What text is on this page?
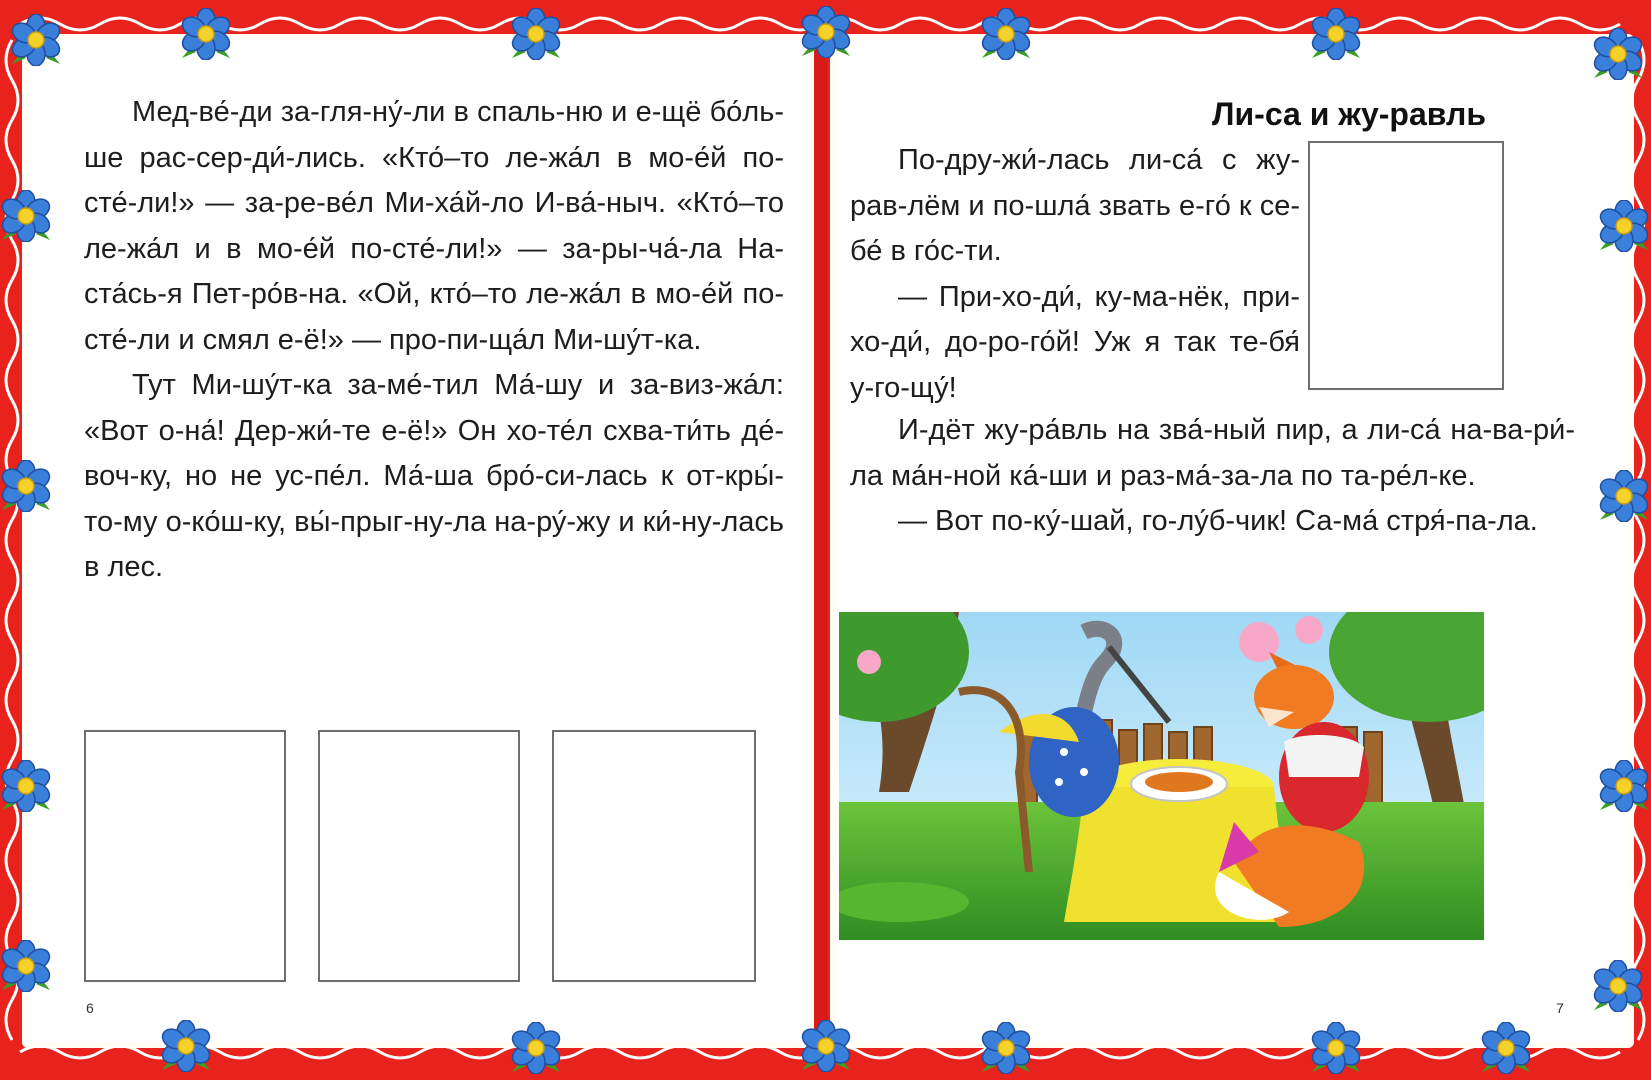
Мед-ве́-ди за-гля-ну́-ли в спаль-ню и е-щё бо́ль-ше рас-сер-ди́-лись. «Кто́–то ле-жа́л в мо-е́й по-сте́-ли!» — за-ре-ве́л Ми-ха́й-ло И-ва́-ныч. «Кто́–то ле-жа́л и в мо-е́й по-сте́-ли!» — за-ры-ча́-ла На-ста́сь-я Пет-ро́в-на. «Ой, кто́–то ле-жа́л в мо-е́й по-сте́-ли и смял е-ё!» — про-пи-ща́л Ми-шу́т-ка.

Тут Ми-шу́т-ка за-ме́-тил Ма́-шу и за-виз-жа́л: «Вот о-на́! Дер-жи́-те е-ё!» Он хо-те́л схва-ти́ть де́-воч-ку, но не ус-пе́л. Ма́-ша бро́-си-лась к от-кры́-то-му о-ко́ш-ку, вы́-прыг-ну-ла на-ру́-жу и ки́-ну-лась в лес.

6
Ли-са и жу-равль

По-дру-жи́-лась ли-са́ с жу-рав-лём и по-шла́ звать е-го́ к се-бе́ в го́с-ти.

— При-хо-ди́, ку-ма-нёк, при-хо-ди́, до-ро-го́й! Уж я так те-бя́ у-го-щу́!

И-дёт жу-ра́вль на зва́-ный пир, а ли-са́ на-ва-ри́-ла ма́н-ной ка́-ши и раз-ма́-за-ла по та-ре́л-ке.

— Вот по-ку́-шай, го-лу́б-чик! Са-ма́ стря́-па-ла.

7
